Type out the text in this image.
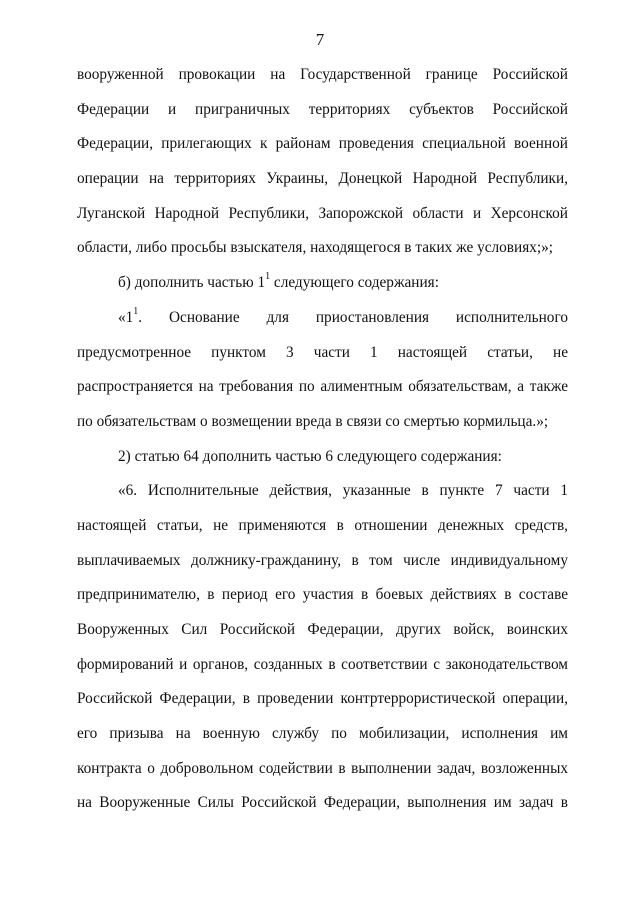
7
вооруженной провокации на Государственной границе Российской
Федерации и приграничных территориях субъектов Российской
Федерации, прилегающих к районам проведения специальной военной
операции на территориях Украины, Донецкой Народной Республики,
Луганской Народной Республики, Запорожской области и Херсонской
области, либо просьбы взыскателя, находящегося в таких же условиях;»;
б) дополнить частью $1^1$ следующего содержания:
«$1^1$. Основание для приостановления исполнительного
предусмотренное пунктом 3 части 1 настоящей статьи, не
распространяется на требования по алиментным обязательствам, а также
по обязательствам о возмещении вреда в связи со смертью кормильца.»;
2) статью 64 дополнить частью 6 следующего содержания:
«6. Исполнительные действия, указанные в пункте 7 части 1
настоящей статьи, не применяются в отношении денежных средств,
выплачиваемых должнику-гражданину, в том числе индивидуальному
предпринимателю, в период его участия в боевых действиях в составе
Вооруженных Сил Российской Федерации, других войск, воинских
формирований и органов, созданных в соответствии с законодательством
Российской Федерации, в проведении контртеррористической операции,
его призыва на военную службу по мобилизации, исполнения им
контракта о добровольном содействии в выполнении задач, возложенных
на Вооруженные Силы Российской Федерации, выполнения им задач в
